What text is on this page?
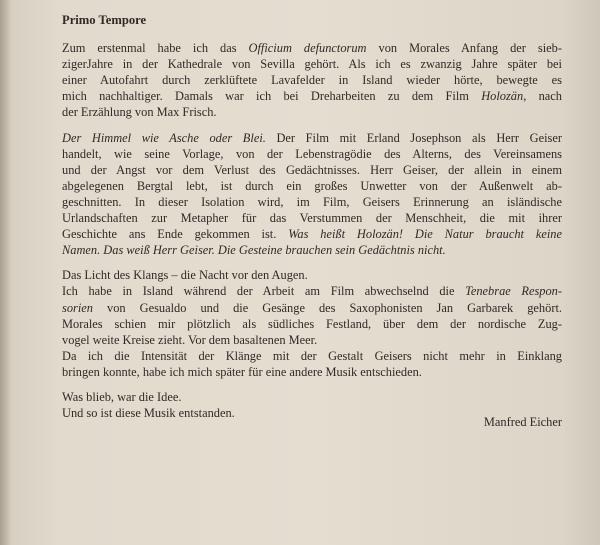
Primo Tempore

Zum erstenmal habe ich das Officium defunctorum von Morales Anfang der sieb-
zigerJahre in der Kathedrale von Sevilla gehört. Als ich es zwanzig Jahre später bei
einer Autofahrt durch zerklüftete Lavafelder in Island wieder hörte, bewegte es
mich nachhaltiger. Damals war ich bei Dreharbeiten zu dem Film Holozän, nach
der Erzählung von Max Frisch.

Der Himmel wie Asche oder Blei. Der Film mit Erland Josephson als Herr Geiser
handelt, wie seine Vorlage, von der Lebenstragödie des Alterns, des Vereinsamens
und der Angst vor dem Verlust des Gedächtnisses. Herr Geiser, der allein in einem
abgelegenen Bergtal lebt, ist durch ein großes Unwetter von der Außenwelt ab-
geschnitten. In dieser Isolation wird, im Film, Geisers Erinnerung an isländische
Urlandschaften zur Metapher für das Verstummen der Menschheit, die mit ihrer
Geschichte ans Ende gekommen ist. Was heißt Holozän! Die Natur braucht keine
Namen. Das weiß Herr Geiser. Die Gesteine brauchen sein Gedächtnis nicht.

Das Licht des Klangs – die Nacht vor den Augen.
Ich habe in Island während der Arbeit am Film abwechselnd die Tenebrae Respon-
sorien von Gesualdo und die Gesänge des Saxophonisten Jan Garbarek gehört.
Morales schien mir plötzlich als südliches Festland, über dem der nordische Zug-
vogel weite Kreise zieht. Vor dem basaltenen Meer.
Da ich die Intensität der Klänge mit der Gestalt Geisers nicht mehr in Einklang
bringen konnte, habe ich mich später für eine andere Musik entschieden.

Was blieb, war die Idee.
Und so ist diese Musik entstanden.

Manfred Eicher
